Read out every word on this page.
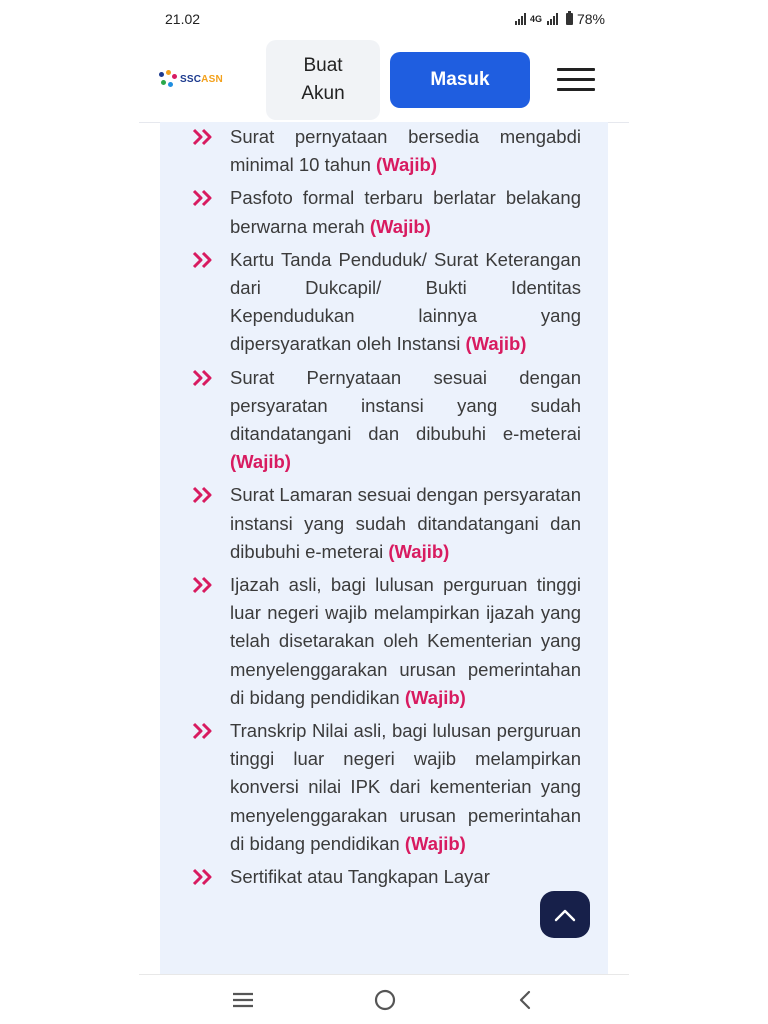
21.02	4G	78%
SSCASN
Buat
Akun
Masuk
Surat pernyataan bersedia mengabdi minimal 10 tahun (Wajib)
Pasfoto formal terbaru berlatar belakang berwarna merah (Wajib)
Kartu Tanda Penduduk/ Surat Keterangan dari Dukcapil/ Bukti Identitas Kependudukan lainnya yang dipersyaratkan oleh Instansi (Wajib)
Surat Pernyataan sesuai dengan persyaratan instansi yang sudah ditandatangani dan dibubuhi e-meterai (Wajib)
Surat Lamaran sesuai dengan persyaratan instansi yang sudah ditandatangani dan dibubuhi e-meterai (Wajib)
Ijazah asli, bagi lulusan perguruan tinggi luar negeri wajib melampirkan ijazah yang telah disetarakan oleh Kementerian yang menyelenggarakan urusan pemerintahan di bidang pendidikan (Wajib)
Transkrip Nilai asli, bagi lulusan perguruan tinggi luar negeri wajib melampirkan konversi nilai IPK dari kementerian yang menyelenggarakan urusan pemerintahan di bidang pendidikan (Wajib)
Sertifikat atau Tangkapan Layar
